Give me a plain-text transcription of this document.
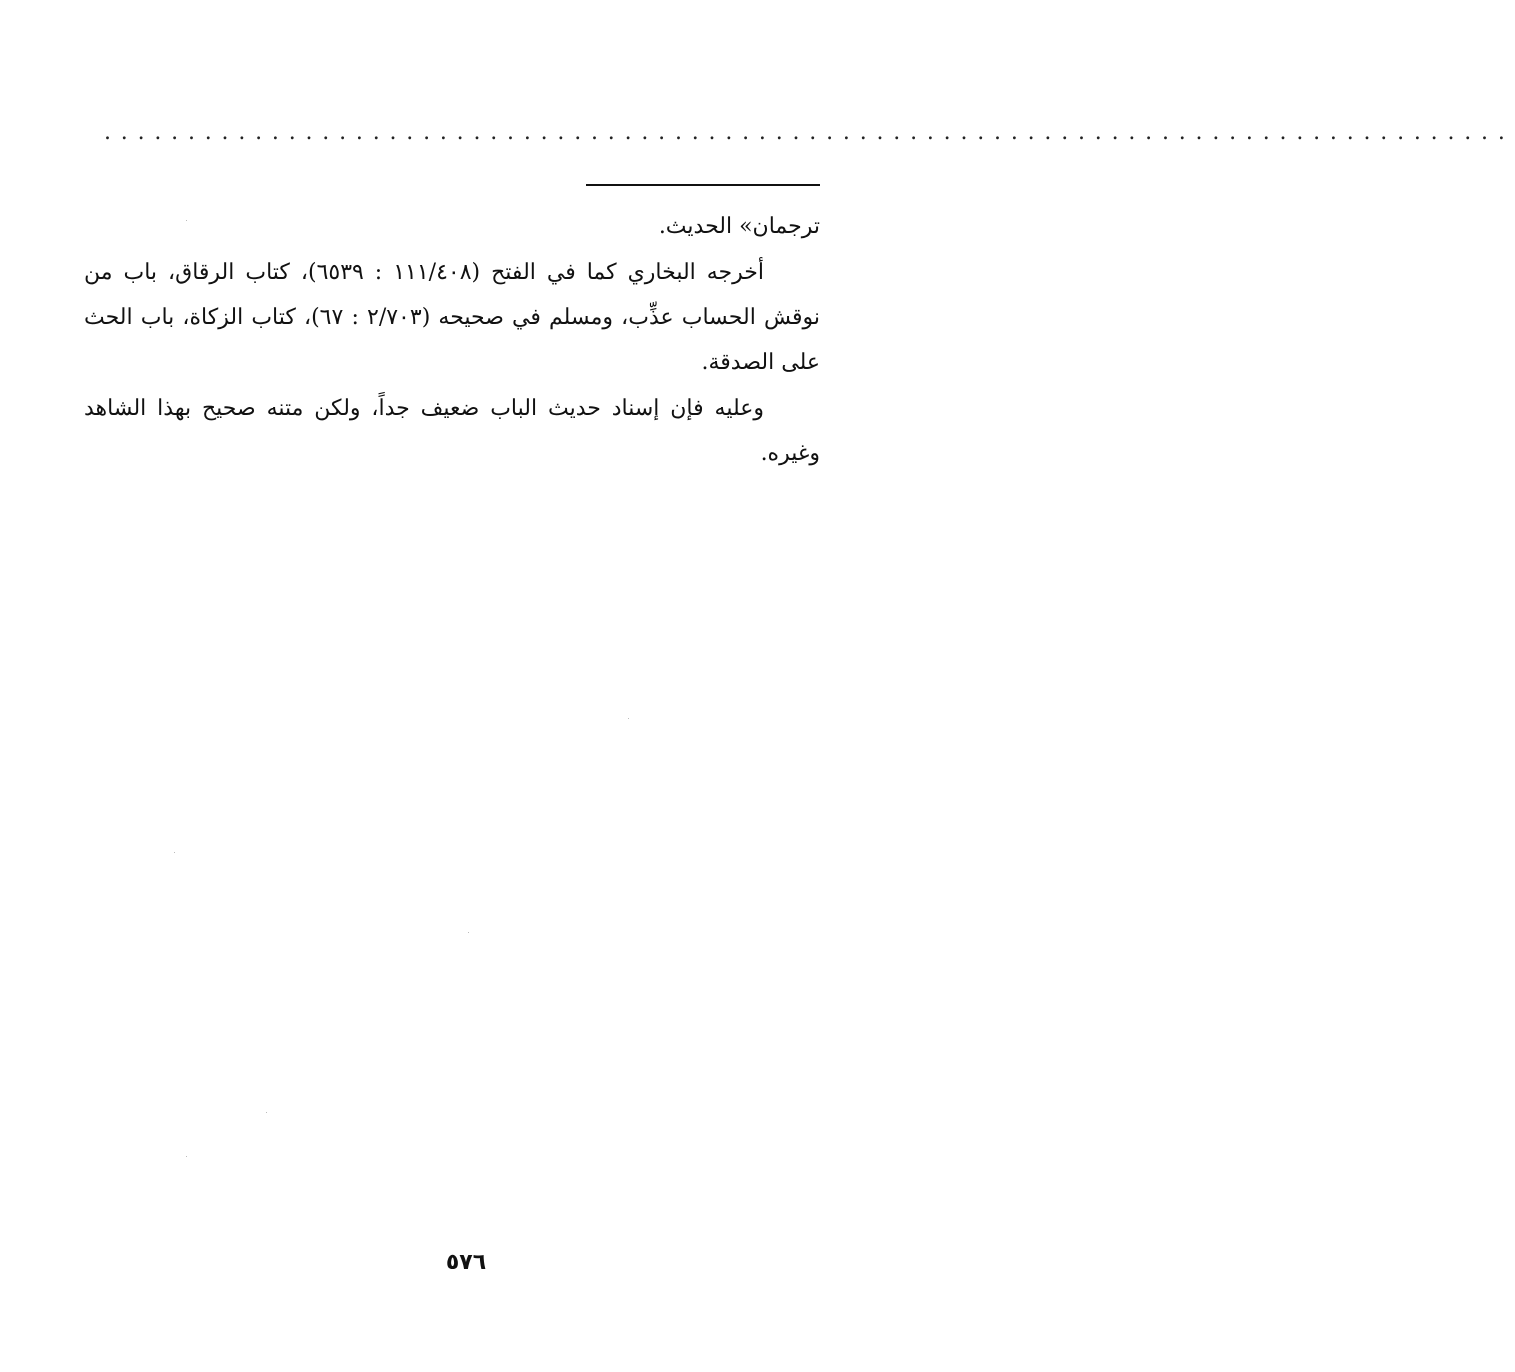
....................................................................................

ترجمان» الحديث.

أخرجه البخاري كما في الفتح (١١١/٤٠٨ : ٦٥٣٩)، كتاب الرقاق، باب من نوقش الحساب عذِّب، ومسلم في صحيحه (٢/٧٠٣ : ٦٧)، كتاب الزكاة، باب الحث على الصدقة.

وعليه فإن إسناد حديث الباب ضعيف جداً، ولكن متنه صحيح بهذا الشاهد وغيره.

٥٧٦
